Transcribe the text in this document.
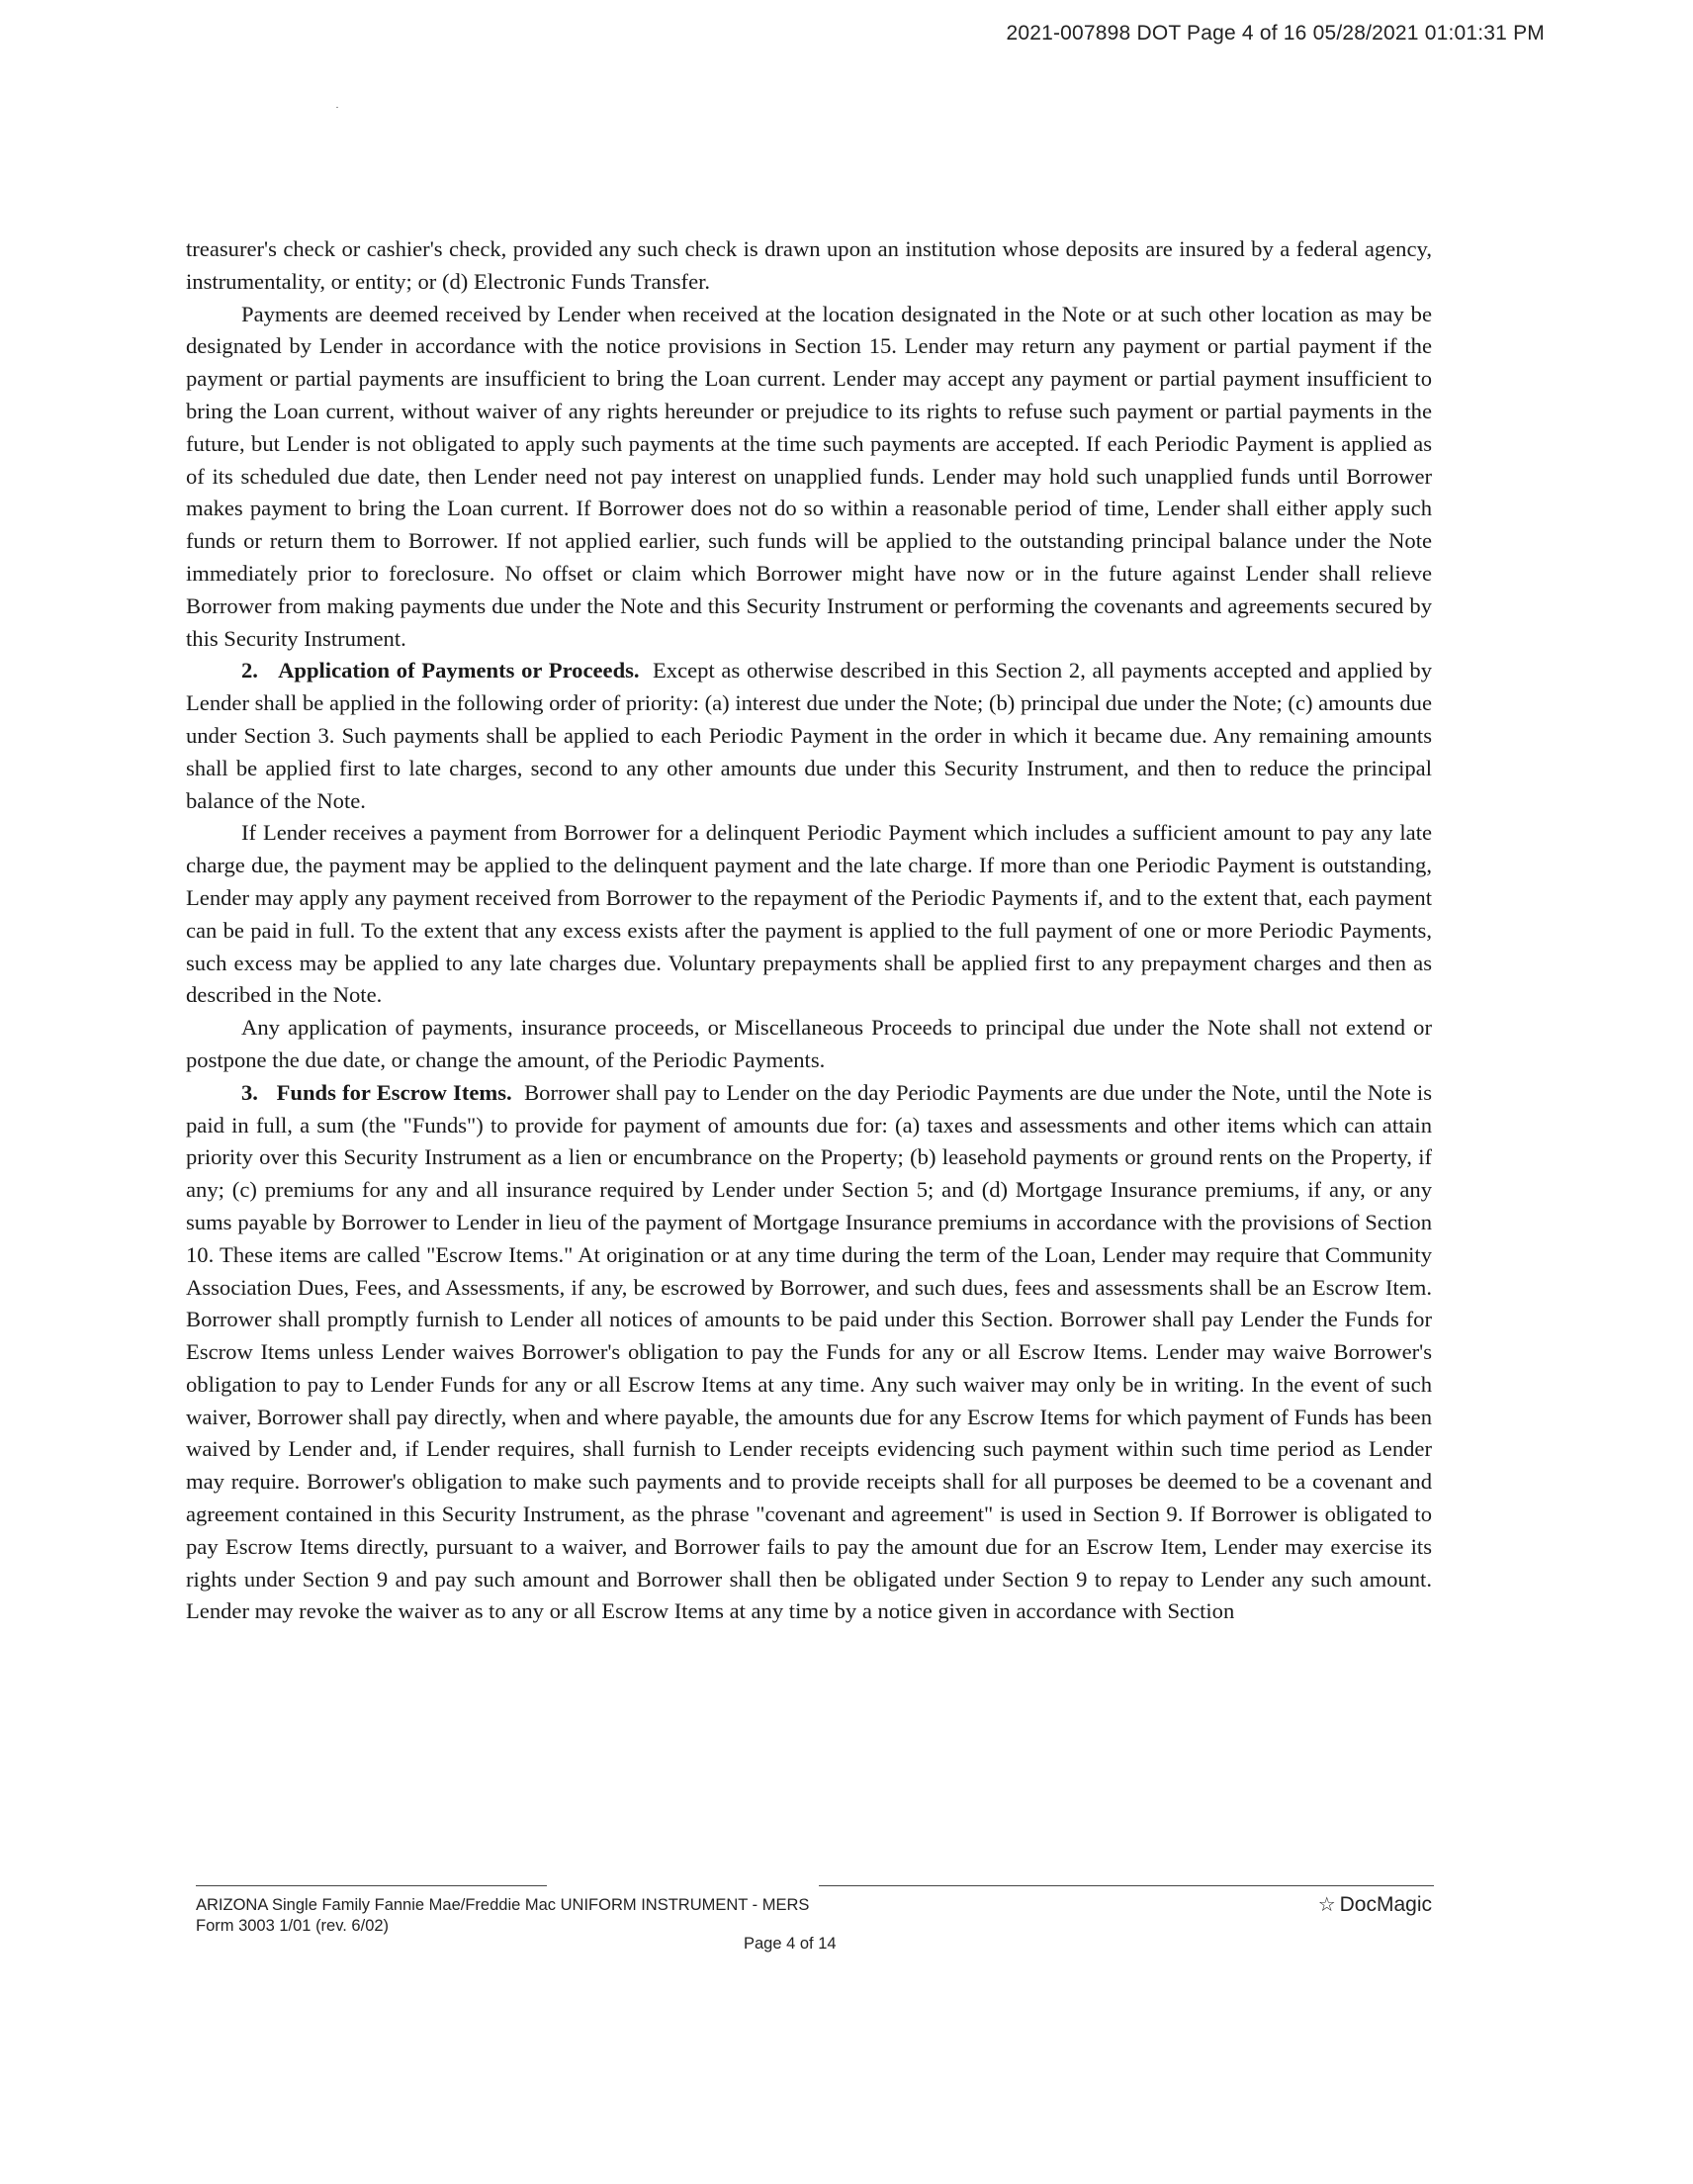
2021-007898 DOT Page 4 of 16 05/28/2021 01:01:31 PM

treasurer's check or cashier's check, provided any such check is drawn upon an institution whose deposits are insured by a federal agency, instrumentality, or entity; or (d) Electronic Funds Transfer.

Payments are deemed received by Lender when received at the location designated in the Note or at such other location as may be designated by Lender in accordance with the notice provisions in Section 15. Lender may return any payment or partial payment if the payment or partial payments are insufficient to bring the Loan current. Lender may accept any payment or partial payment insufficient to bring the Loan current, without waiver of any rights hereunder or prejudice to its rights to refuse such payment or partial payments in the future, but Lender is not obligated to apply such payments at the time such payments are accepted. If each Periodic Payment is applied as of its scheduled due date, then Lender need not pay interest on unapplied funds. Lender may hold such unapplied funds until Borrower makes payment to bring the Loan current. If Borrower does not do so within a reasonable period of time, Lender shall either apply such funds or return them to Borrower. If not applied earlier, such funds will be applied to the outstanding principal balance under the Note immediately prior to foreclosure. No offset or claim which Borrower might have now or in the future against Lender shall relieve Borrower from making payments due under the Note and this Security Instrument or performing the covenants and agreements secured by this Security Instrument.

2. Application of Payments or Proceeds. Except as otherwise described in this Section 2, all payments accepted and applied by Lender shall be applied in the following order of priority: (a) interest due under the Note; (b) principal due under the Note; (c) amounts due under Section 3. Such payments shall be applied to each Periodic Payment in the order in which it became due. Any remaining amounts shall be applied first to late charges, second to any other amounts due under this Security Instrument, and then to reduce the principal balance of the Note.

If Lender receives a payment from Borrower for a delinquent Periodic Payment which includes a sufficient amount to pay any late charge due, the payment may be applied to the delinquent payment and the late charge. If more than one Periodic Payment is outstanding, Lender may apply any payment received from Borrower to the repayment of the Periodic Payments if, and to the extent that, each payment can be paid in full. To the extent that any excess exists after the payment is applied to the full payment of one or more Periodic Payments, such excess may be applied to any late charges due. Voluntary prepayments shall be applied first to any prepayment charges and then as described in the Note.

Any application of payments, insurance proceeds, or Miscellaneous Proceeds to principal due under the Note shall not extend or postpone the due date, or change the amount, of the Periodic Payments.

3. Funds for Escrow Items. Borrower shall pay to Lender on the day Periodic Payments are due under the Note, until the Note is paid in full, a sum (the "Funds") to provide for payment of amounts due for: (a) taxes and assessments and other items which can attain priority over this Security Instrument as a lien or encumbrance on the Property; (b) leasehold payments or ground rents on the Property, if any; (c) premiums for any and all insurance required by Lender under Section 5; and (d) Mortgage Insurance premiums, if any, or any sums payable by Borrower to Lender in lieu of the payment of Mortgage Insurance premiums in accordance with the provisions of Section 10. These items are called "Escrow Items." At origination or at any time during the term of the Loan, Lender may require that Community Association Dues, Fees, and Assessments, if any, be escrowed by Borrower, and such dues, fees and assessments shall be an Escrow Item. Borrower shall promptly furnish to Lender all notices of amounts to be paid under this Section. Borrower shall pay Lender the Funds for Escrow Items unless Lender waives Borrower's obligation to pay the Funds for any or all Escrow Items. Lender may waive Borrower's obligation to pay to Lender Funds for any or all Escrow Items at any time. Any such waiver may only be in writing. In the event of such waiver, Borrower shall pay directly, when and where payable, the amounts due for any Escrow Items for which payment of Funds has been waived by Lender and, if Lender requires, shall furnish to Lender receipts evidencing such payment within such time period as Lender may require. Borrower's obligation to make such payments and to provide receipts shall for all purposes be deemed to be a covenant and agreement contained in this Security Instrument, as the phrase "covenant and agreement" is used in Section 9. If Borrower is obligated to pay Escrow Items directly, pursuant to a waiver, and Borrower fails to pay the amount due for an Escrow Item, Lender may exercise its rights under Section 9 and pay such amount and Borrower shall then be obligated under Section 9 to repay to Lender any such amount. Lender may revoke the waiver as to any or all Escrow Items at any time by a notice given in accordance with Section

ARIZONA Single Family Fannie Mae/Freddie Mac UNIFORM INSTRUMENT - MERS
Form 3003 1/01 (rev. 6/02)
Page 4 of 14
☆ DocMagic
